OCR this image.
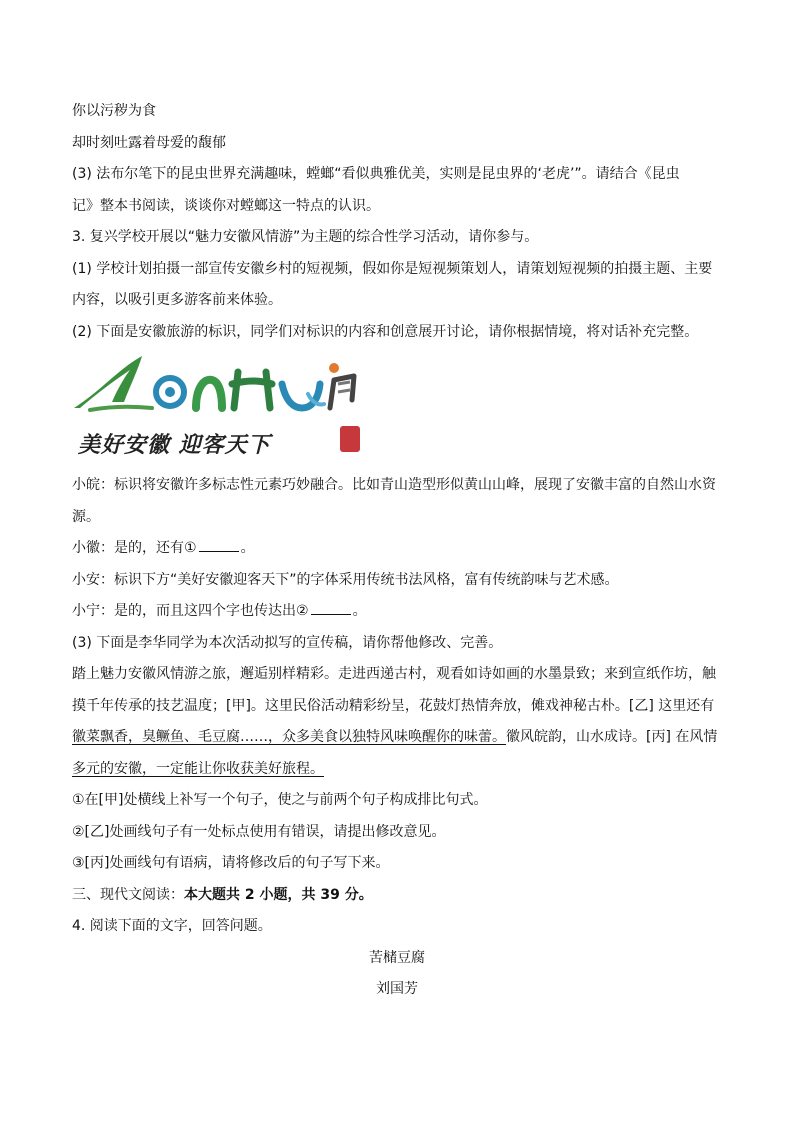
你以污秽为食
却时刻吐露着母爱的馥郁
(3) 法布尔笔下的昆虫世界充满趣味，螳螂“看似典雅优美，实则是昆虫界的‘老虎’”。请结合《昆虫
记》整本书阅读，谈谈你对螳螂这一特点的认识。
3. 复兴学校开展以“魅力安徽风情游”为主题的综合性学习活动，请你参与。
(1) 学校计划拍摄一部宣传安徽乡村的短视频，假如你是短视频策划人，请策划短视频的拍摄主题、主要
内容，以吸引更多游客前来体验。
(2) 下面是安徽旅游的标识，同学们对标识的内容和创意展开讨论，请你根据情境，将对话补充完整。
美好安徽 迎客天下
小皖：标识将安徽许多标志性元素巧妙融合。比如青山造型形似黄山山峰，展现了安徽丰富的自然山水资
源。
小徽：是的，还有①	。
小安：标识下方“美好安徽迎客天下”的字体采用传统书法风格，富有传统韵味与艺术感。
小宁：是的，而且这四个字也传达出②	。
(3) 下面是李华同学为本次活动拟写的宣传稿，请你帮他修改、完善。
踏上魅力安徽风情游之旅，邂逅别样精彩。走进西递古村，观看如诗如画的水墨景致；来到宣纸作坊，触
摸千年传承的技艺温度；[甲]。这里民俗活动精彩纷呈，花鼓灯热情奔放，傩戏神秘古朴。[乙] 这里还有
徽菜飘香，臭鳜鱼、毛豆腐……，众多美食以独特风味唤醒你的味蕾。徽风皖韵，山水成诗。[丙] 在风情
多元的安徽，一定能让你收获美好旅程。
①在[甲]处横线上补写一个句子，使之与前两个句子构成排比句式。
②[乙]处画线句子有一处标点使用有错误，请提出修改意见。
③[丙]处画线句有语病，请将修改后的句子写下来。
三、现代文阅读：本大题共 2 小题，共 39 分。
4. 阅读下面的文字，回答问题。
苦槠豆腐
刘国芳
